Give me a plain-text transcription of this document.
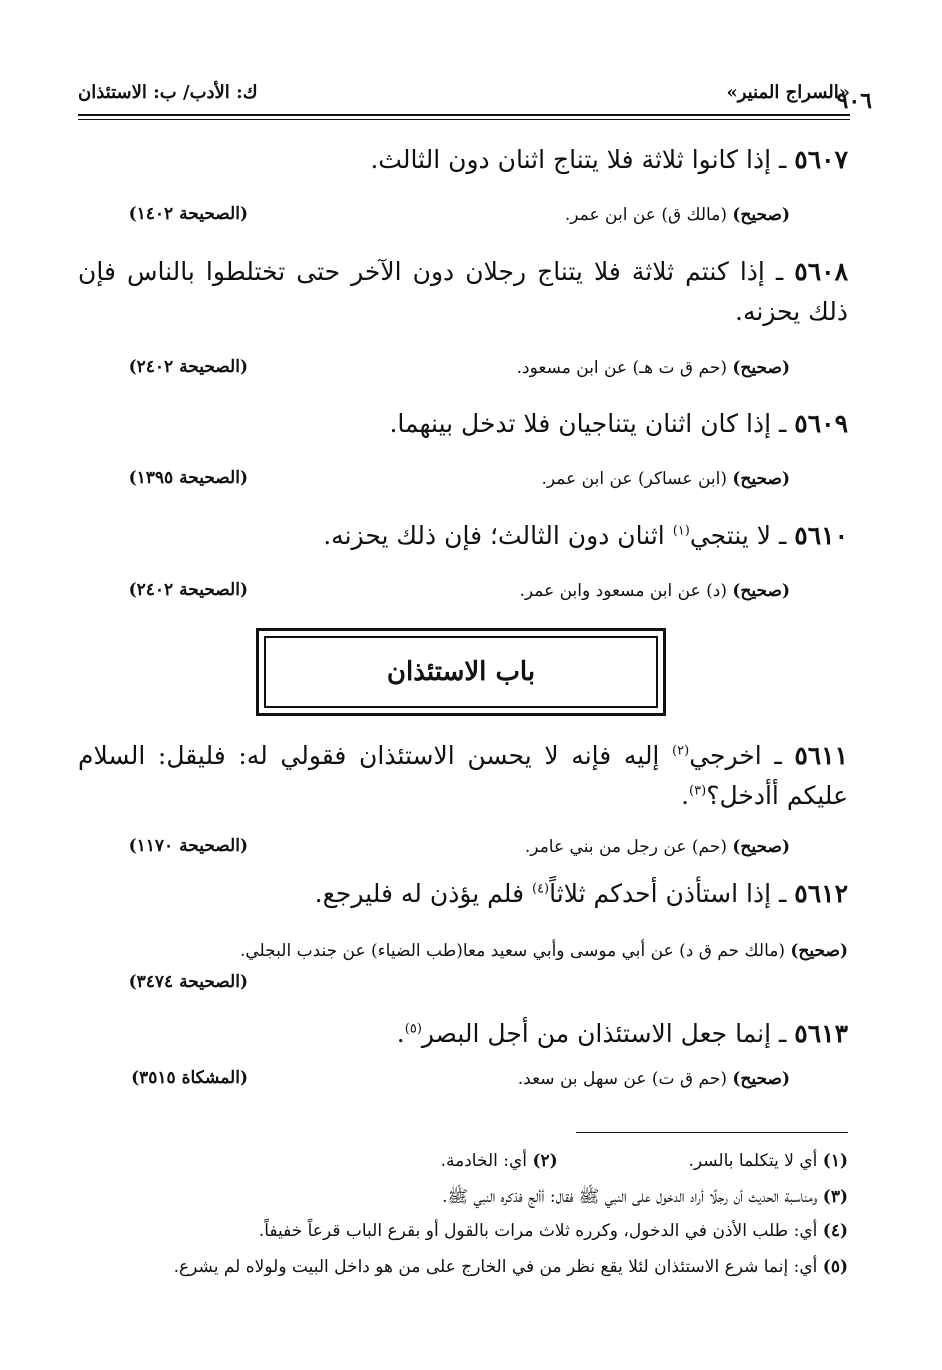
٩٠٦
«السراج المنير»
ك: الأدب/ ب: الاستئذان
٥٦٠٧ ـ إذا كانوا ثلاثة فلا يتناج اثنان دون الثالث.
(صحيح) (مالك ق) عن ابن عمر.
(الصحيحة ١٤٠٢)
٥٦٠٨ ـ إذا كنتم ثلاثة فلا يتناج رجلان دون الآخر حتى تختلطوا بالناس فإن ذلك يحزنه.
(صحيح) (حم ق ت هـ) عن ابن مسعود.
(الصحيحة ٢٤٠٢)
٥٦٠٩ ـ إذا كان اثنان يتناجيان فلا تدخل بينهما.
(صحيح) (ابن عساكر) عن ابن عمر.
(الصحيحة ١٣٩٥)
٥٦١٠ ـ لا ينتجي$^{(١)}$ اثنان دون الثالث؛ فإن ذلك يحزنه.
(صحيح) (د) عن ابن مسعود وابن عمر.
(الصحيحة ٢٤٠٢)
باب الاستئذان
٥٦١١ ـ اخرجي$^{(٢)}$ إليه فإنه لا يحسن الاستئذان فقولي له: فليقل: السلام عليكم أأدخل؟$^{(٣)}$.
(صحيح) (حم) عن رجل من بني عامر.
(الصحيحة ١١٧٠)
٥٦١٢ ـ إذا استأذن أحدكم ثلاثاً$^{(٤)}$ فلم يؤذن له فليرجع.
(صحيح) (مالك حم ق د) عن أبي موسى وأبي سعيد معا(طب الضياء) عن جندب البجلي.
(الصحيحة ٣٤٧٤)
٥٦١٣ ـ إنما جعل الاستئذان من أجل البصر$^{(٥)}$.
(صحيح) (حم ق ت) عن سهل بن سعد.
(المشكاة ٣٥١٥)
(١) أي لا يتكلما بالسر.  (٢) أي: الخادمة.
(٣) ومناسبة الحديث أن رجلًا أراد الدخول على النبي ﷺ فقال: أألج فذكره النبي ﷺ.
(٤) أي: طلب الأذن في الدخول، وكرره ثلاث مرات بالقول أو بقرع الباب قرعاً خفيفاً.
(٥) أي: إنما شرع الاستئذان لئلا يقع نظر من في الخارج على من هو داخل البيت ولولاه لم يشرع.
